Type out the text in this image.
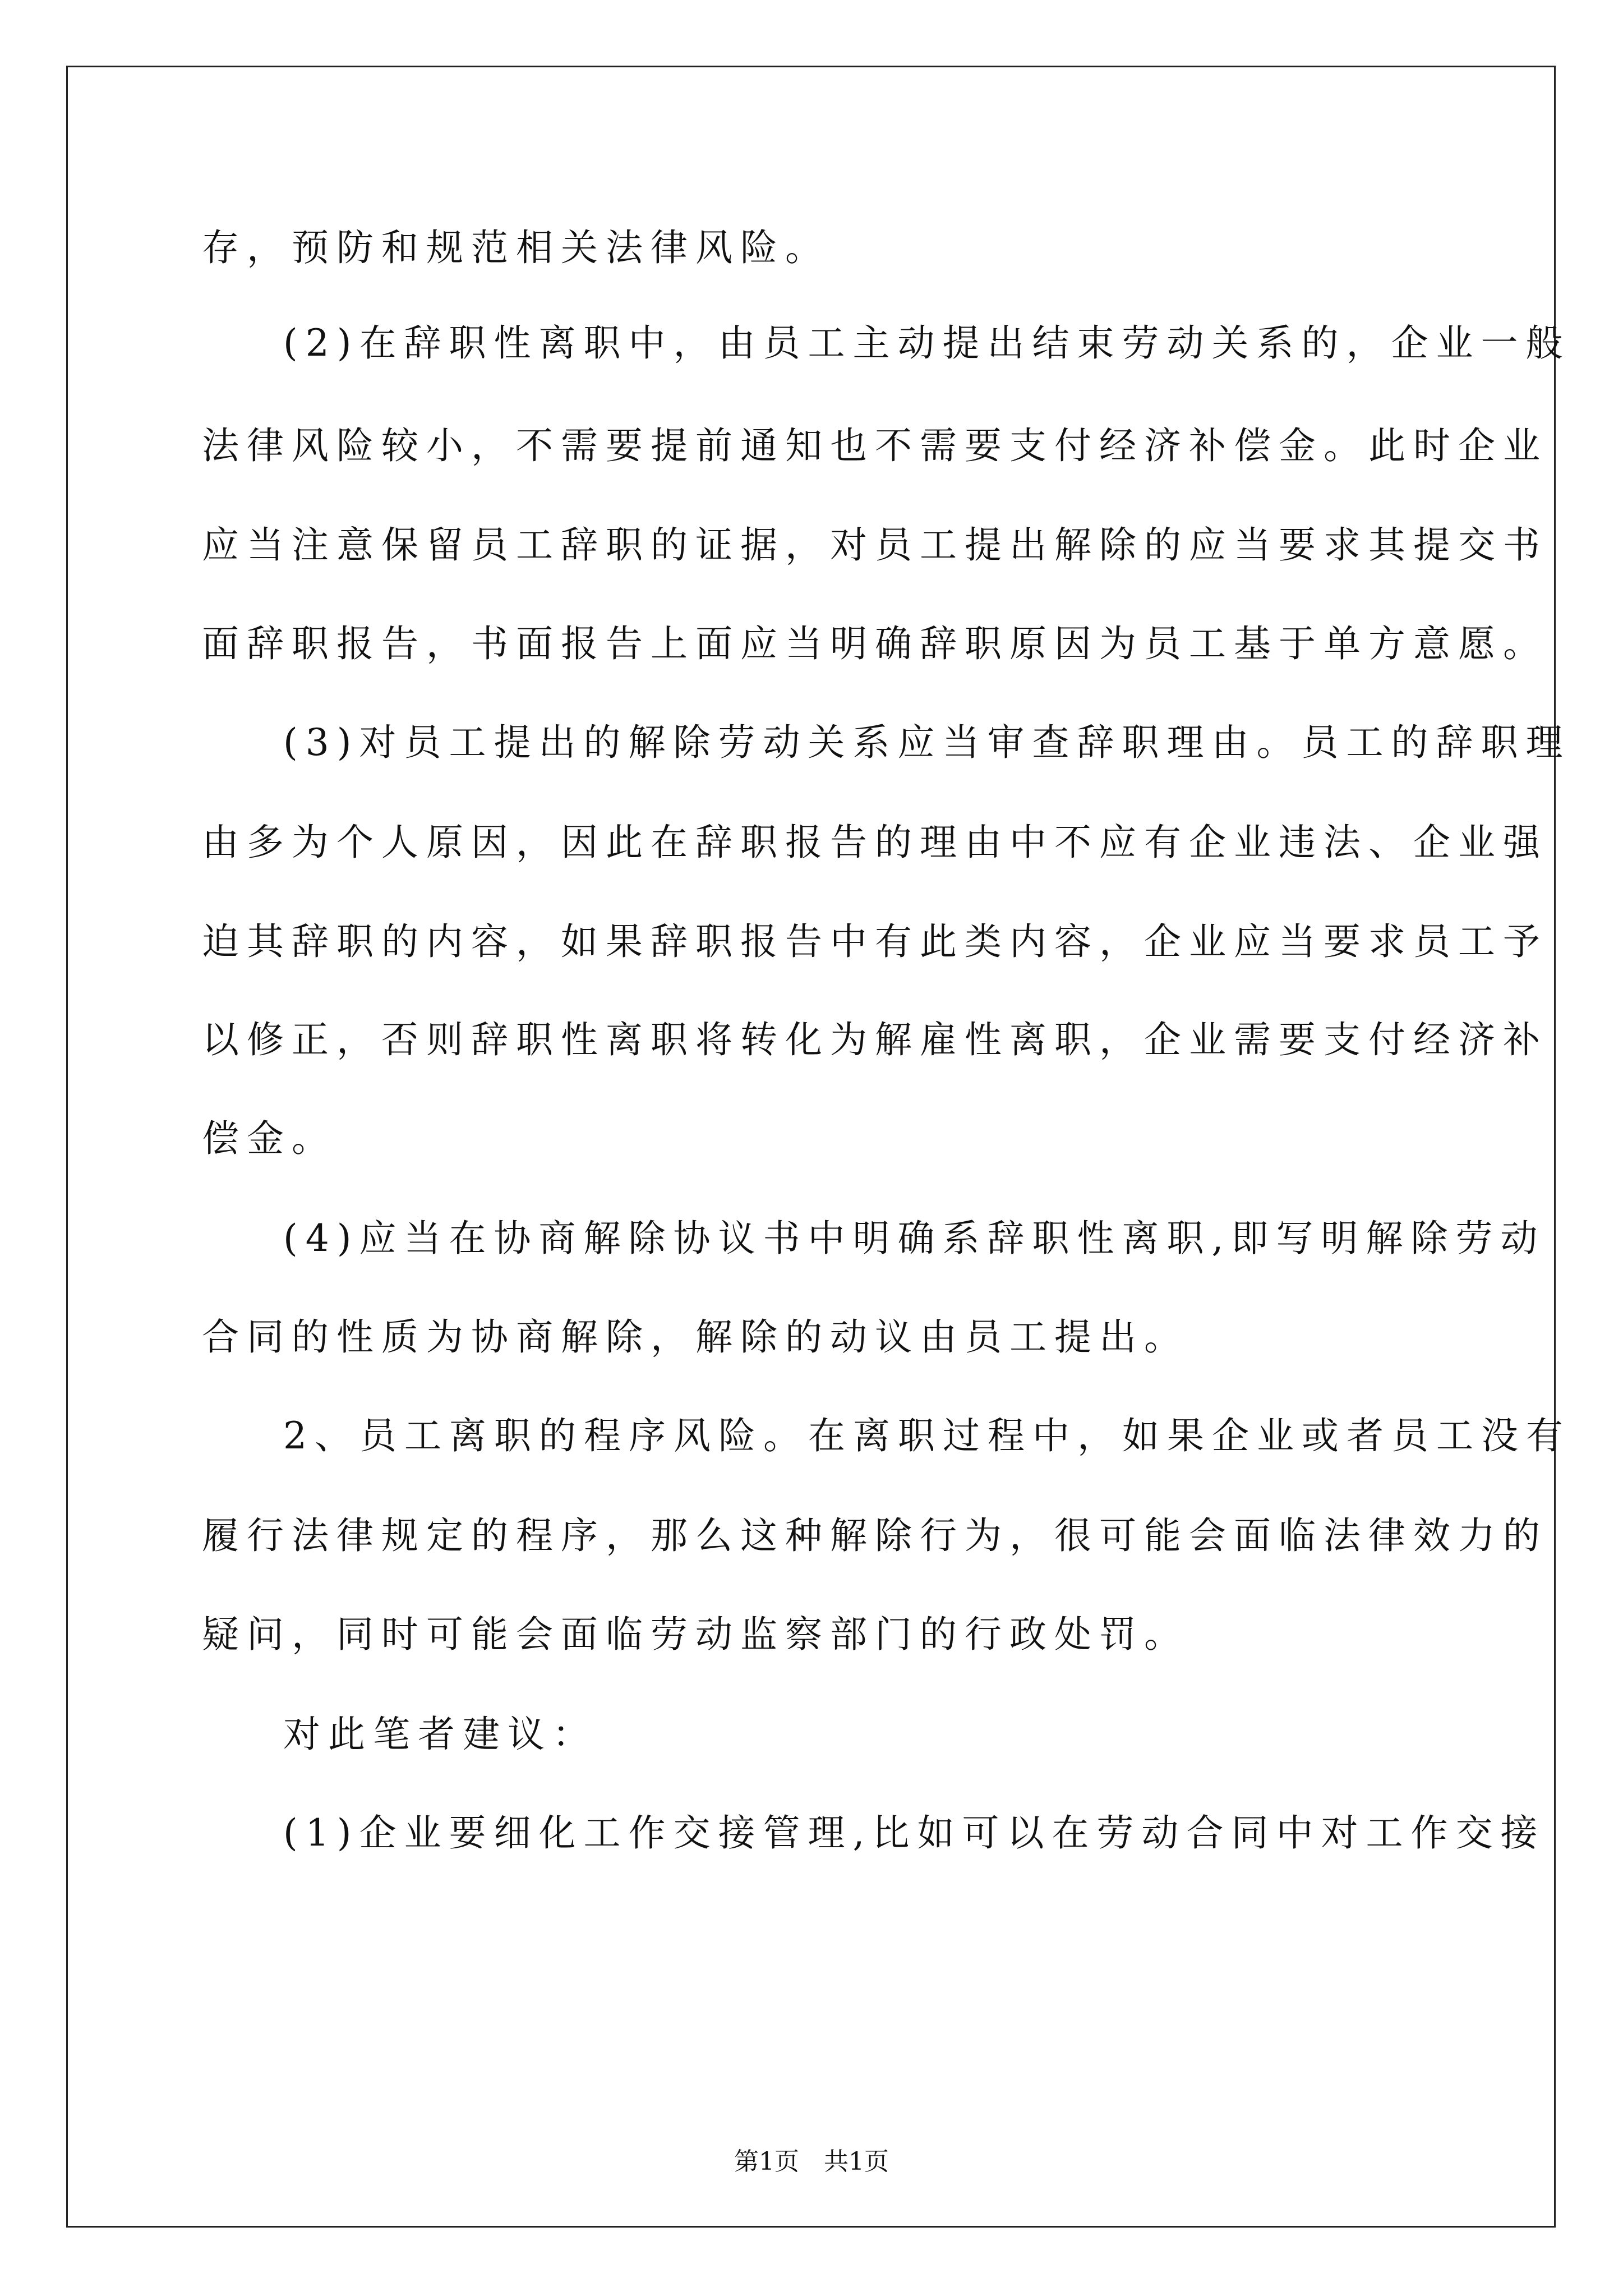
存，预防和规范相关法律风险。
(2)在辞职性离职中，由员工主动提出结束劳动关系的，企业一般
法律风险较小，不需要提前通知也不需要支付经济补偿金。此时企业
应当注意保留员工辞职的证据，对员工提出解除的应当要求其提交书
面辞职报告，书面报告上面应当明确辞职原因为员工基于单方意愿。
(3)对员工提出的解除劳动关系应当审查辞职理由。员工的辞职理
由多为个人原因，因此在辞职报告的理由中不应有企业违法、企业强
迫其辞职的内容，如果辞职报告中有此类内容，企业应当要求员工予
以修正，否则辞职性离职将转化为解雇性离职，企业需要支付经济补
偿金。
(4)应当在协商解除协议书中明确系辞职性离职,即写明解除劳动
合同的性质为协商解除，解除的动议由员工提出。
2、员工离职的程序风险。在离职过程中，如果企业或者员工没有
履行法律规定的程序，那么这种解除行为，很可能会面临法律效力的
疑问，同时可能会面临劳动监察部门的行政处罚。
对此笔者建议：
(1)企业要细化工作交接管理,比如可以在劳动合同中对工作交接
第1页　共1页
